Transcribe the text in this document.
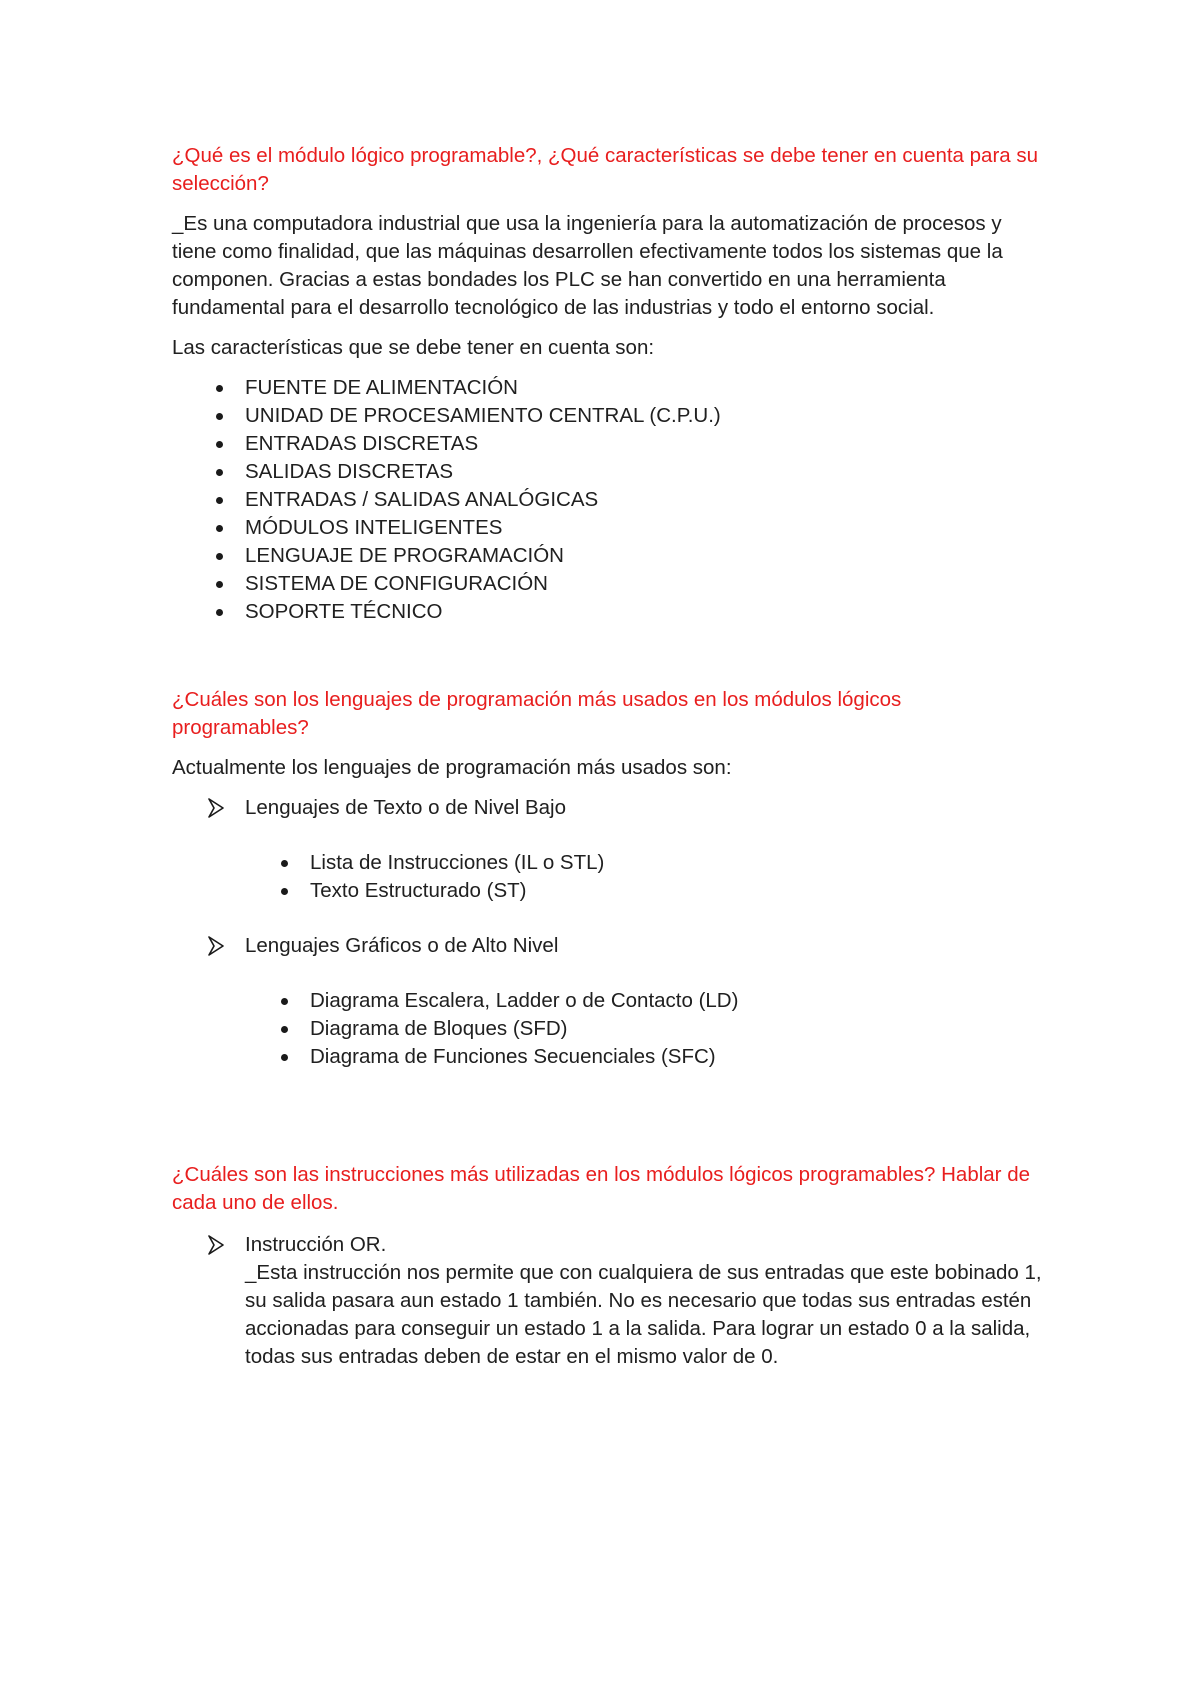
¿Qué es el módulo lógico programable?, ¿Qué características se debe tener en cuenta para su selección?

_Es una computadora industrial que usa la ingeniería para la automatización de procesos y tiene como finalidad, que las máquinas desarrollen efectivamente todos los sistemas que la componen. Gracias a estas bondades los PLC se han convertido en una herramienta fundamental para el desarrollo tecnológico de las industrias y todo el entorno social.

Las características que se debe tener en cuenta son:

FUENTE DE ALIMENTACIÓN
UNIDAD DE PROCESAMIENTO CENTRAL (C.P.U.)
ENTRADAS DISCRETAS
SALIDAS DISCRETAS
ENTRADAS / SALIDAS ANALÓGICAS
MÓDULOS INTELIGENTES
LENGUAJE DE PROGRAMACIÓN
SISTEMA DE CONFIGURACIÓN
SOPORTE TÉCNICO

¿Cuáles son los lenguajes de programación más usados en los módulos lógicos programables?

Actualmente los lenguajes de programación más usados son:

Lenguajes de Texto o de Nivel Bajo
Lista de Instrucciones (IL o STL)
Texto Estructurado (ST)
Lenguajes Gráficos o de Alto Nivel
Diagrama Escalera, Ladder o de Contacto (LD)
Diagrama de Bloques (SFD)
Diagrama de Funciones Secuenciales (SFC)

¿Cuáles son las instrucciones más utilizadas en los módulos lógicos programables? Hablar de cada uno de ellos.

Instrucción OR.

_Esta instrucción nos permite que con cualquiera de sus entradas que este bobinado 1, su salida pasara aun estado 1 también. No es necesario que todas sus entradas estén accionadas para conseguir un estado 1 a la salida. Para lograr un estado 0 a la salida, todas sus entradas deben de estar en el mismo valor de 0.
